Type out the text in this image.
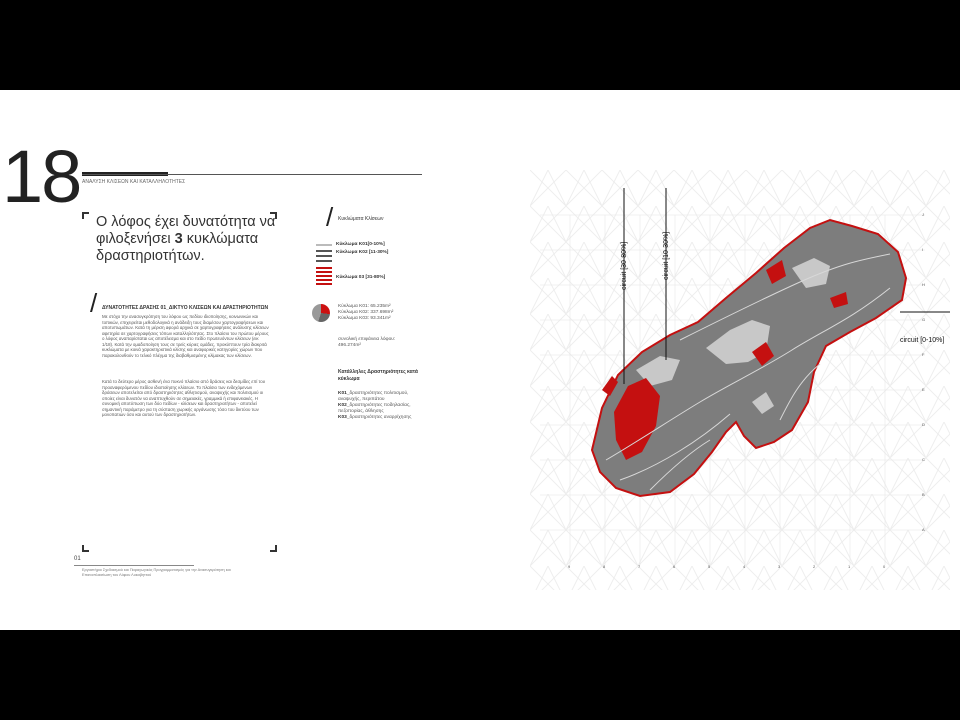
18 ΑΝΑΛΥΣΗ ΚΛΙΣΕΩΝ ΚΑΙ ΚΑΤΑΛΛΗΛΟΤΗΤΕΣ
Ο λόφος έχει δυνατότητα να φιλοξενήσει 3 κυκλώματα δραστηριοτήτων.
/ ΔΥΝΑΤΟΤΗΤΕΣ ΔΡΑΣΗΣ 01_ΔΙΚΤΥΟ ΚΛΙΣΕΩΝ ΚΑΙ ΔΡΑΣΤΗΡΙΟΤΗΤΩΝ
Με στόχο την ανασυγκρότηση του λόφου ως πεδίου ιδιοποίησης, κοινωνικών και τοπικών, επιχειρείται μεθοδολογικά η ανάδειξη τους διαμέσου χαρτογραφήσεων και αποτυπωμάτων. Κατά τη μέριση αφορά αρχικά σε χαρτογραφήσεις ανάλυσης κλίσεων αφετηρία σε χαρτογραφήσεις τόπων καταλληλότητας. Στο πλαίσιο του πρώτου μέρους ο λόφος αναπαρίσταται ως αποτέλεσμα και στο πεδίο πρωτευόντων κλίσεων (εικ 1/18). Κατά την ομαδοποίηση τους σε τρείς κύριες ομάδες, προκύπτουν τρία διακριτά κυκλώματα με κοινά χαρακτηριστικά κλίσης και αναφορικές κατηγορίες χώρων που παρακολουθούν το τελικό πλέγμα της διαβαθμισμένης κλίμακας των κλίσεων.
Κατά το δεύτερο μέρος ασθενή ένα πυκνό πλαίσιο από δράσεις και δεσμίδες επί του προαναφερόμενου πεδίου ιδιοποίησης κλίσεων. Το πλαίσιο των ενδεχόμενων δράσεων αποτελείται από δραστηριότητες αθλητισμού, αναψυχής και πολιτισμού οι οποίες είναι δυνατόν να αναπτυχθούν σε σημειακές, γραμμικά ή επιφανειακές. Η συνομική αποτύπωση των δύο πεδίων - κλίσεων και δραστηριοτήτων - αποτελεί σημαντική παράμετρο για τη σύσταση χωρικής οργάνωσης τόσο του δικτύου των μονοπατιών όσο και αυτού των δραστηριοτήτων.
01
Εργαστήριο Σχεδιασμού και Παραγωγικός Προγραμματισμός για την Ανασυγκρότηση και Επαναπλαισίωση του Λόφου Λυκαβηττού
/ Κυκλώματα Κλίσεων
Κύκλωμα K01[0-10%]
Κύκλωμα K02 [11-30%]
Κύκλωμα 03 [31-80%]
Κύκλωμα K01: 65.235m²
Κύκλωμα K02: 337.698m²
Κύκλωμα K03: 93.341m²
συνολική επιφάνεια λόφου: 496.274m²
Κατάλληλες Δραστηριότητες κατά κύκλωμα
K01_δραστηριότητες πολιτισμού, αναψυχής, περιπάτου
K02_δραστηριότητες ποδηλασίας, πεζοπορίας, άθλησης
K03_δραστηριότητες αναρρίχησης
circuit [30-80%]	circuit [10-30%]
circuit [0-10%]
J
I
H
G
F
E
D
C
B
A
9	8	7	6	5	4	3	2	1	0
